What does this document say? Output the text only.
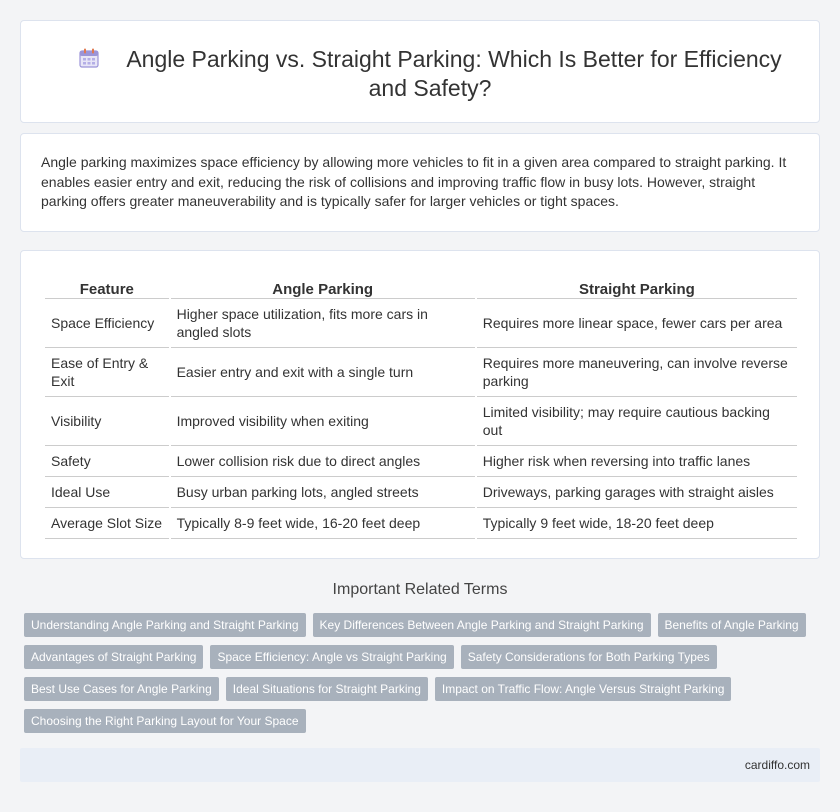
Angle Parking vs. Straight Parking: Which Is Better for Efficiency and Safety?

Angle parking maximizes space efficiency by allowing more vehicles to fit in a given area compared to straight parking. It enables easier entry and exit, reducing the risk of collisions and improving traffic flow in busy lots. However, straight parking offers greater maneuverability and is typically safer for larger vehicles or tight spaces.

Feature	Angle Parking	Straight Parking
Space Efficiency	Higher space utilization, fits more cars in angled slots	Requires more linear space, fewer cars per area
Ease of Entry & Exit	Easier entry and exit with a single turn	Requires more maneuvering, can involve reverse parking
Visibility	Improved visibility when exiting	Limited visibility; may require cautious backing out
Safety	Lower collision risk due to direct angles	Higher risk when reversing into traffic lanes
Ideal Use	Busy urban parking lots, angled streets	Driveways, parking garages with straight aisles
Average Slot Size	Typically 8-9 feet wide, 16-20 feet deep	Typically 9 feet wide, 18-20 feet deep
Important Related Terms
Understanding Angle Parking and Straight Parking	Key Differences Between Angle Parking and Straight Parking	Benefits of Angle Parking
Advantages of Straight Parking	Space Efficiency: Angle vs Straight Parking	Safety Considerations for Both Parking Types
Best Use Cases for Angle Parking	Ideal Situations for Straight Parking	Impact on Traffic Flow: Angle Versus Straight Parking
Choosing the Right Parking Layout for Your Space
cardiffo.com
